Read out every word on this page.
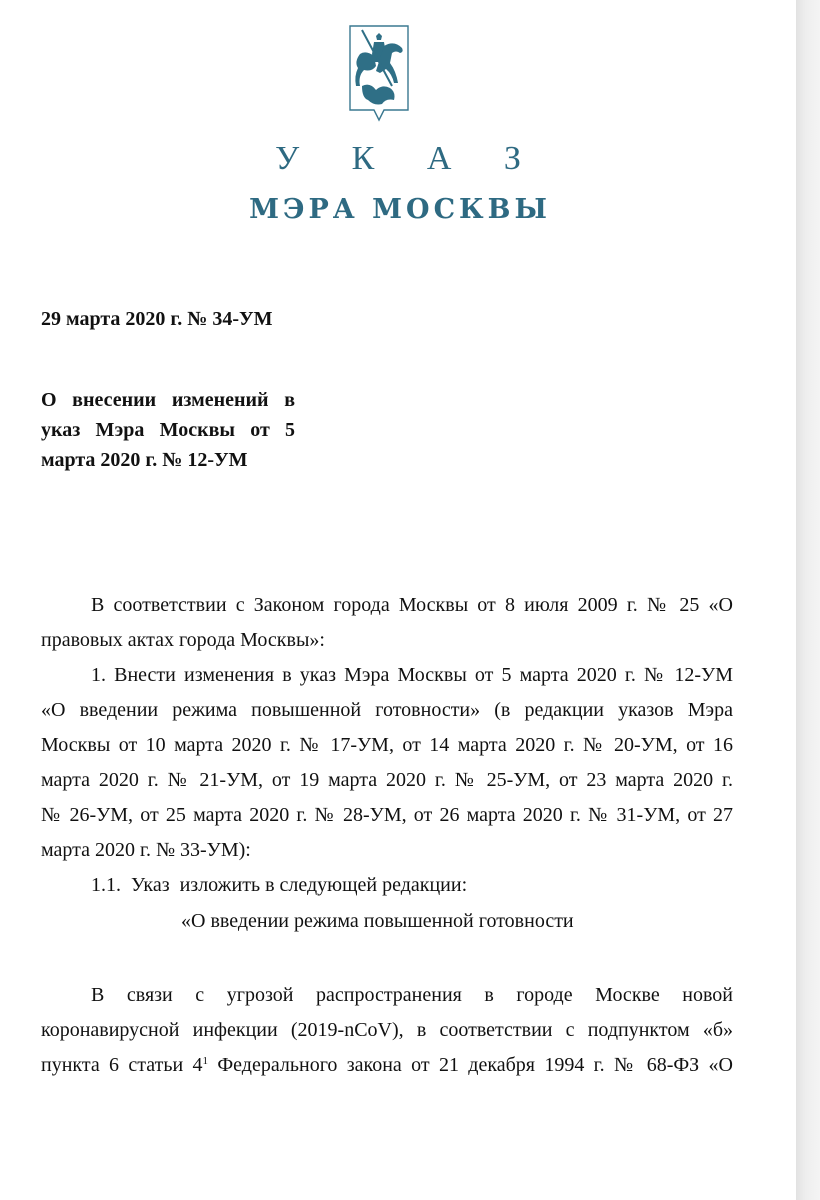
У К А З
МЭРА МОСКВЫ
29 марта 2020 г. № 34-УМ
О внесении изменений в
указ Мэра Москвы от 5
марта 2020 г. № 12-УМ
В соответствии с Законом города Москвы от 8 июля 2009 г. № 25 «О
правовых актах города Москвы»:
1. Внести изменения в указ Мэра Москвы от 5 марта 2020 г. № 12-УМ
«О введении режима повышенной готовности» (в редакции указов Мэра
Москвы от 10 марта 2020 г. № 17-УМ, от 14 марта 2020 г. № 20-УМ, от 16
марта 2020 г. № 21-УМ, от 19 марта 2020 г. № 25-УМ, от 23 марта 2020 г.
№ 26-УМ, от 25 марта 2020 г. № 28-УМ, от 26 марта 2020 г. № 31-УМ, от 27
марта 2020 г. № 33-УМ):
1.1.  Указ  изложить в следующей редакции:
«О введении режима повышенной готовности
В связи с угрозой распространения в городе Москве новой
коронавирусной инфекции (2019-nCoV), в соответствии с подпунктом «б»
пункта 6 статьи $4^1$ Федерального закона от 21 декабря 1994 г. № 68-ФЗ «О
